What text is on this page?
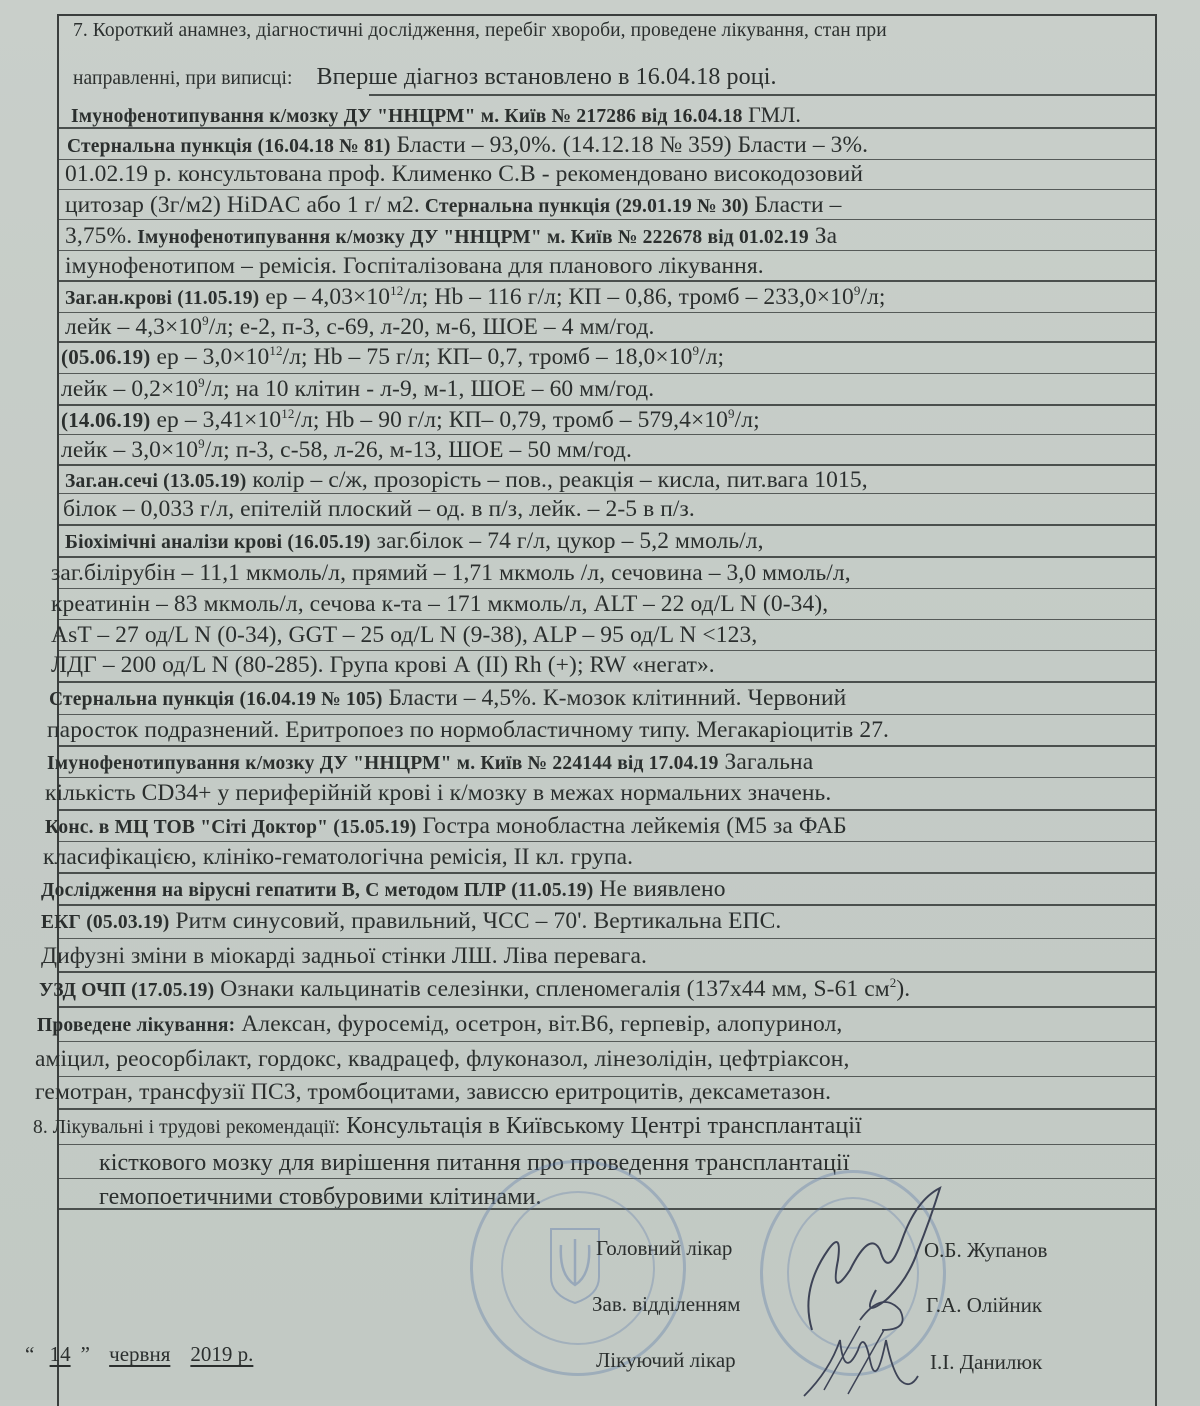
7. Короткий анамнез, діагностичні дослідження, перебіг хвороби, проведене лікування, стан при
направленні, при виписці: Вперше діагноз встановлено в 16.04.18 році.
Імунофенотипування к/мозку ДУ "ННЦРМ" м. Київ № 217286 від 16.04.18 ГМЛ.
Стернальна пункція (16.04.18 № 81) Бласти – 93,0%. (14.12.18 № 359) Бласти – 3%.
01.02.19 р. консультована проф. Клименко С.В - рекомендовано високодозовий
цитозар (3г/м2) HiDAC або 1 г/ м2. Стернальна пункція (29.01.19 № 30) Бласти –
3,75%. Імунофенотипування к/мозку ДУ "ННЦРМ" м. Київ № 222678 від 01.02.19 За
імунофенотипом – ремісія. Госпіталізована для планового лікування.
Заг.ан.крові (11.05.19) ер – $4,03\times 10^{12}/л$; Hb – 116 г/л; КП – 0,86, тромб – $233,0\times 10^9/л$;
лейк – $4,3\times 10^9/л$; е-2, п-3, с-69, л-20, м-6, ШОЕ – 4 мм/год.
(05.06.19) ер – $3,0\times 10^{12}/л$; Hb – 75 г/л; КП– 0,7, тромб – $18,0\times 10^9/л$;
лейк – $0,2\times 10^9/л$; на 10 клітин - л-9, м-1, ШОЕ – 60 мм/год.
(14.06.19) ер – $3,41\times 10^{12}/л$; Hb – 90 г/л; КП– 0,79, тромб – $579,4\times 10^9/л$;
лейк – $3,0\times 10^9/л$; п-3, с-58, л-26, м-13, ШОЕ – 50 мм/год.
Заг.ан.сечі (13.05.19) колір – с/ж, прозорість – пов., реакція – кисла, пит.вага 1015,
білок – 0,033 г/л, епітелій плоский – од. в п/з, лейк. – 2-5 в п/з.
Біохімічні аналізи крові (16.05.19) заг.білок – 74 г/л, цукор – 5,2 ммоль/л,
заг.білірубін – 11,1 мкмоль/л, прямий – 1,71 мкмоль /л, сечовина – 3,0 ммоль/л,
креатинін – 83 мкмоль/л, сечова к-та – 171 мкмоль/л, ALT – 22 од/L N (0-34),
AsT – 27 од/L N (0-34), GGT – 25 од/L N (9-38), ALP – 95 од/L N <123,
ЛДГ – 200 од/L N (80-285). Група крові А (II) Rh (+); RW «негат».
Стернальна пункція (16.04.19 № 105) Бласти – 4,5%. К-мозок клітинний. Червоний
паросток подразнений. Еритропоез по нормобластичному типу. Мегакаріоцитів 27.
Імунофенотипування к/мозку ДУ "ННЦРМ" м. Київ № 224144 від 17.04.19 Загальна
кількість CD34+ у периферійній крові і к/мозку в межах нормальних значень.
Конс. в МЦ ТОВ "Сіті Доктор" (15.05.19) Гостра монобластна лейкемія (М5 за ФАБ
класифікацією, клініко-гематологічна ремісія, II кл. група.
Дослідження на вірусні гепатити В, С методом ПЛР (11.05.19) Не виявлено
ЕКГ (05.03.19) Ритм синусовий, правильний, ЧСС – 70'. Вертикальна ЕПС.
Дифузні зміни в міокарді задньої стінки ЛШ. Ліва перевага.
УЗД ОЧП (17.05.19) Ознаки кальцинатів селезінки, спленомегалія (137x44 мм, S-61 $см^2$).
Проведене лікування: Алексан, фуросемід, осетрон, віт.В6, герпевір, алопуринол,
аміцил, реосорбілакт, гордокс, квадрацеф, флуконазол, лінезолідін, цефтріаксон,
гемотран, трансфузії ПСЗ, тромбоцитами, зависсю еритроцитів, дексаметазон.
8. Лікувальні і трудові рекомендації: Консультація в Київському Центрі трансплантації
кісткового мозку для вирішення питання про проведення трансплантації
гемопоетичними стовбуровими клітинами.
Головний лікар	О.Б. Жупанов
Зав. відділенням	Г.А. Олійник
Лікуючий лікар	І.І. Данилюк
“ 14 ” червня 2019 р.
